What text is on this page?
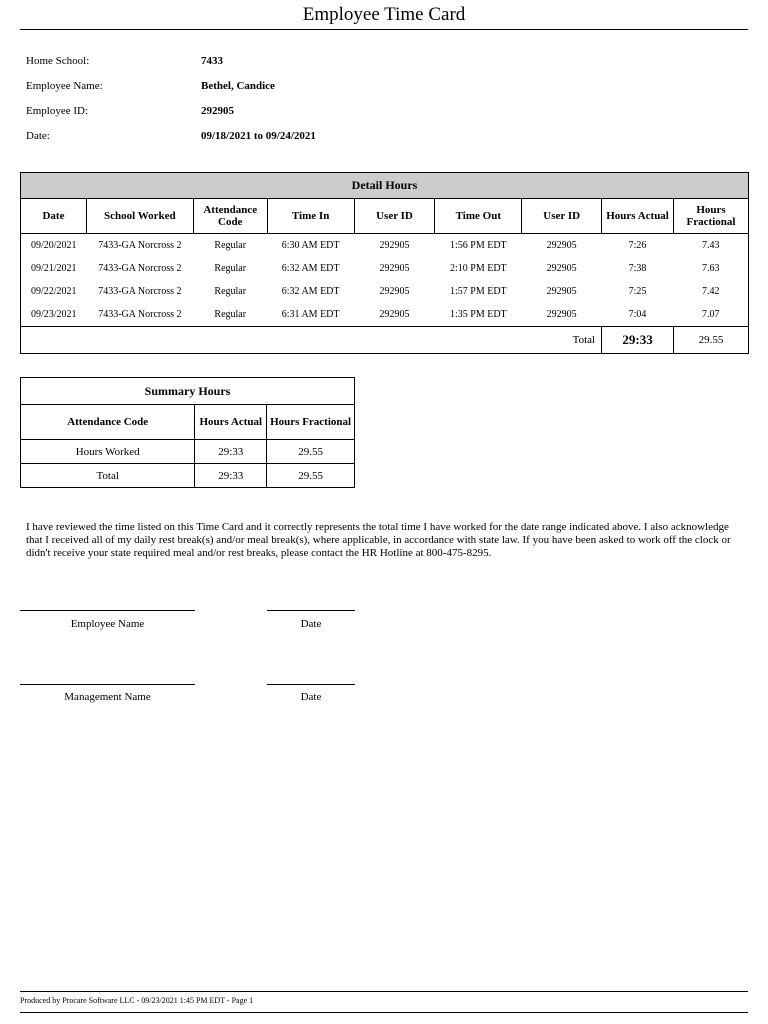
Employee Time Card
Home School:	7433
Employee Name:	Bethel, Candice
Employee ID:	292905
Date:	09/18/2021 to 09/24/2021
Detail Hours								
Date	School Worked	Attendance Code	Time In	User ID	Time Out	User ID	Hours Actual	Hours Fractional
09/20/2021	7433-GA Norcross 2	Regular	6:30 AM EDT	292905	1:56 PM EDT	292905	7:26	7.43
09/21/2021	7433-GA Norcross 2	Regular	6:32 AM EDT	292905	2:10 PM EDT	292905	7:38	7.63
09/22/2021	7433-GA Norcross 2	Regular	6:32 AM EDT	292905	1:57 PM EDT	292905	7:25	7.42
09/23/2021	7433-GA Norcross 2	Regular	6:31 AM EDT	292905	1:35 PM EDT	292905	7:04	7.07
Total							29:33	29.55
Summary Hours		
Attendance Code	Hours Actual	Hours Fractional
Hours Worked	29:33	29.55
Total	29:33	29.55
I have reviewed the time listed on this Time Card and it correctly represents the total time I have worked for the date range indicated above. I also acknowledge that I received all of my daily rest break(s) and/or meal break(s), where applicable, in accordance with state law. If you have been asked to work off the clock or didn't receive your state required meal and/or rest breaks, please contact the HR Hotline at 800-475-8295.
Employee Name	Date
Management Name	Date
Produced by Procare Software LLC - 09/23/2021 1:45 PM EDT - Page 1
